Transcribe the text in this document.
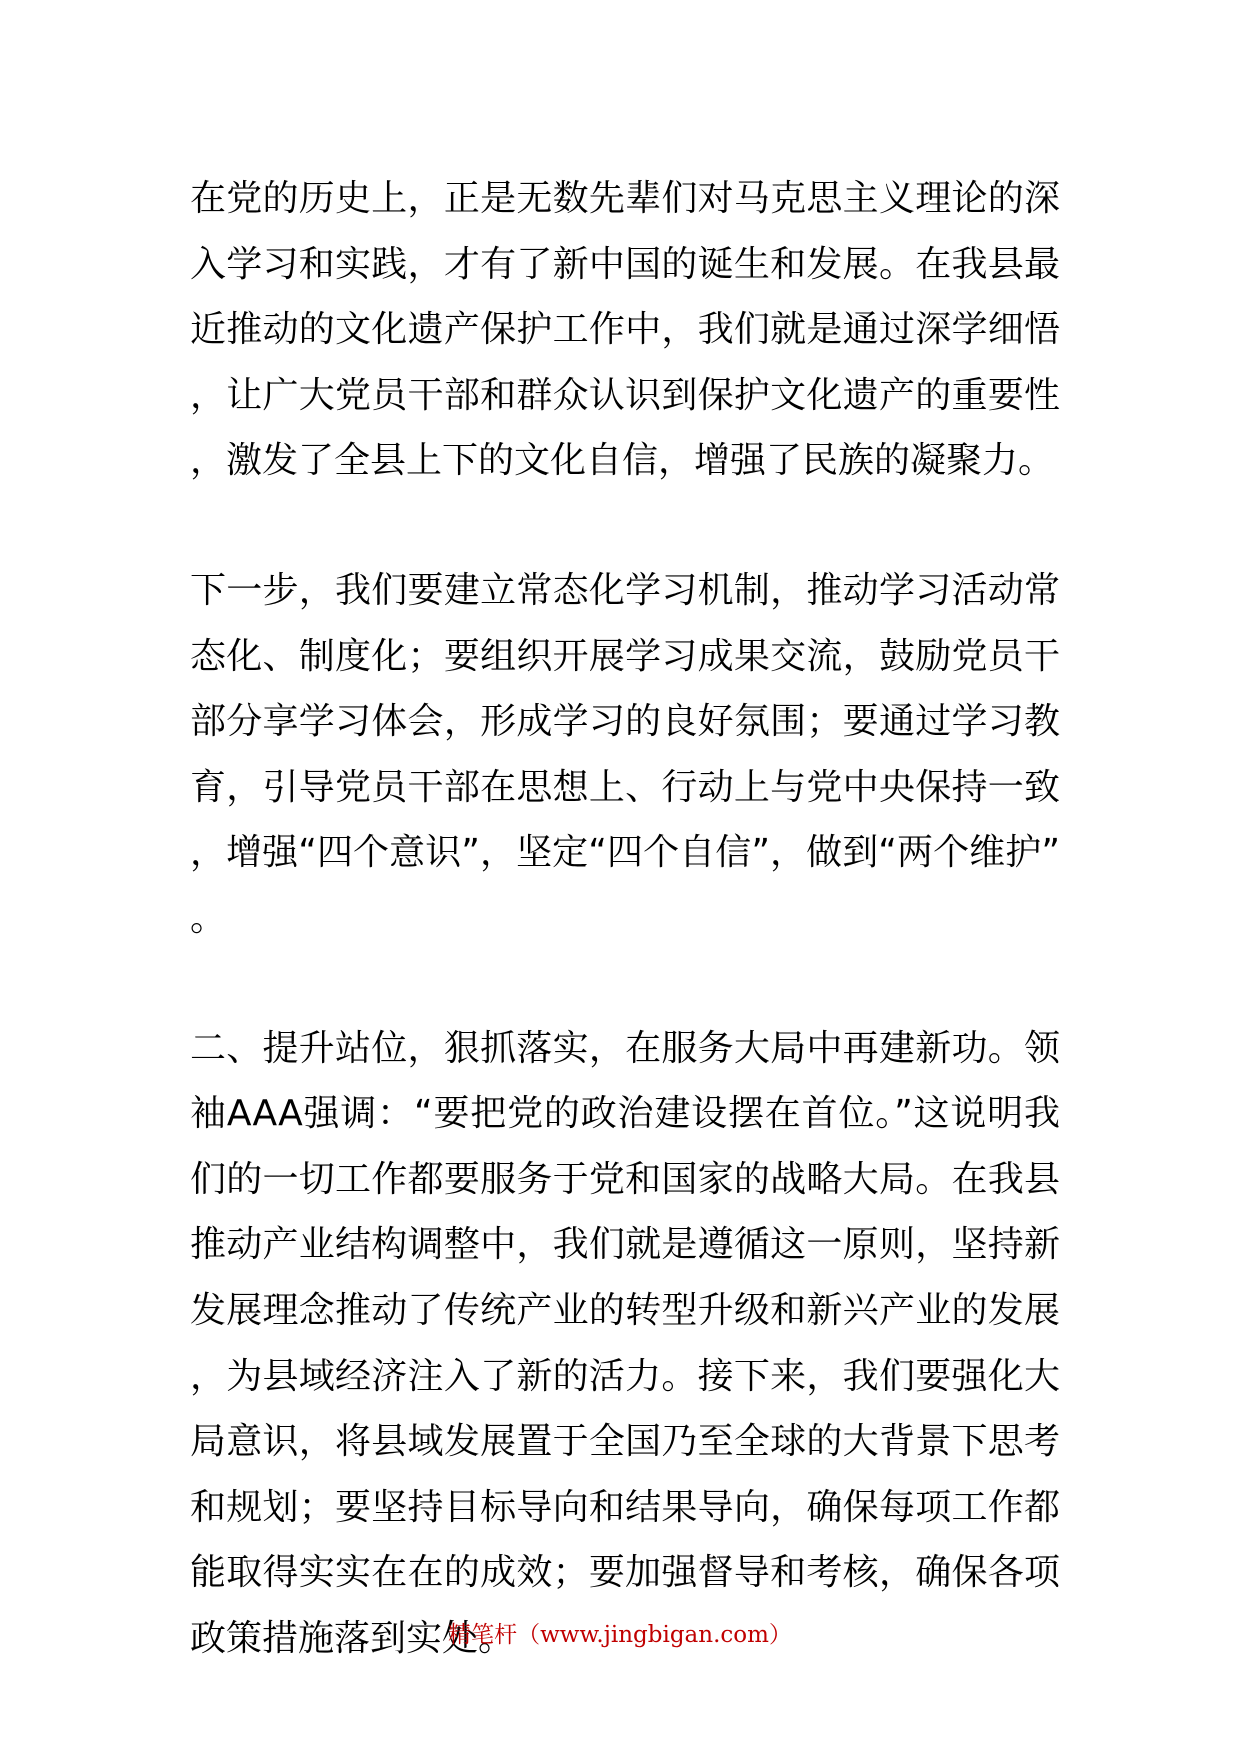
在党的历史上，正是无数先辈们对马克思主义理论的深入学习和实践，才有了新中国的诞生和发展。在我县最近推动的文化遗产保护工作中，我们就是通过深学细悟，让广大党员干部和群众认识到保护文化遗产的重要性，激发了全县上下的文化自信，增强了民族的凝聚力。

下一步，我们要建立常态化学习机制，推动学习活动常态化、制度化；要组织开展学习成果交流，鼓励党员干部分享学习体会，形成学习的良好氛围；要通过学习教育，引导党员干部在思想上、行动上与党中央保持一致，增强“四个意识”，坚定“四个自信”，做到“两个维护”。

二、提升站位，狠抓落实，在服务大局中再建新功。领袖AAA强调：“要把党的政治建设摆在首位。”这说明我们的一切工作都要服务于党和国家的战略大局。在我县推动产业结构调整中，我们就是遵循这一原则，坚持新发展理念推动了传统产业的转型升级和新兴产业的发展，为县域经济注入了新的活力。接下来，我们要强化大局意识，将县域发展置于全国乃至全球的大背景下思考和规划；要坚持目标导向和结果导向，确保每项工作都能取得实实在在的成效；要加强督导和考核，确保各项政策措施落到实处。

精笔杆（www.jingbigan.com）
